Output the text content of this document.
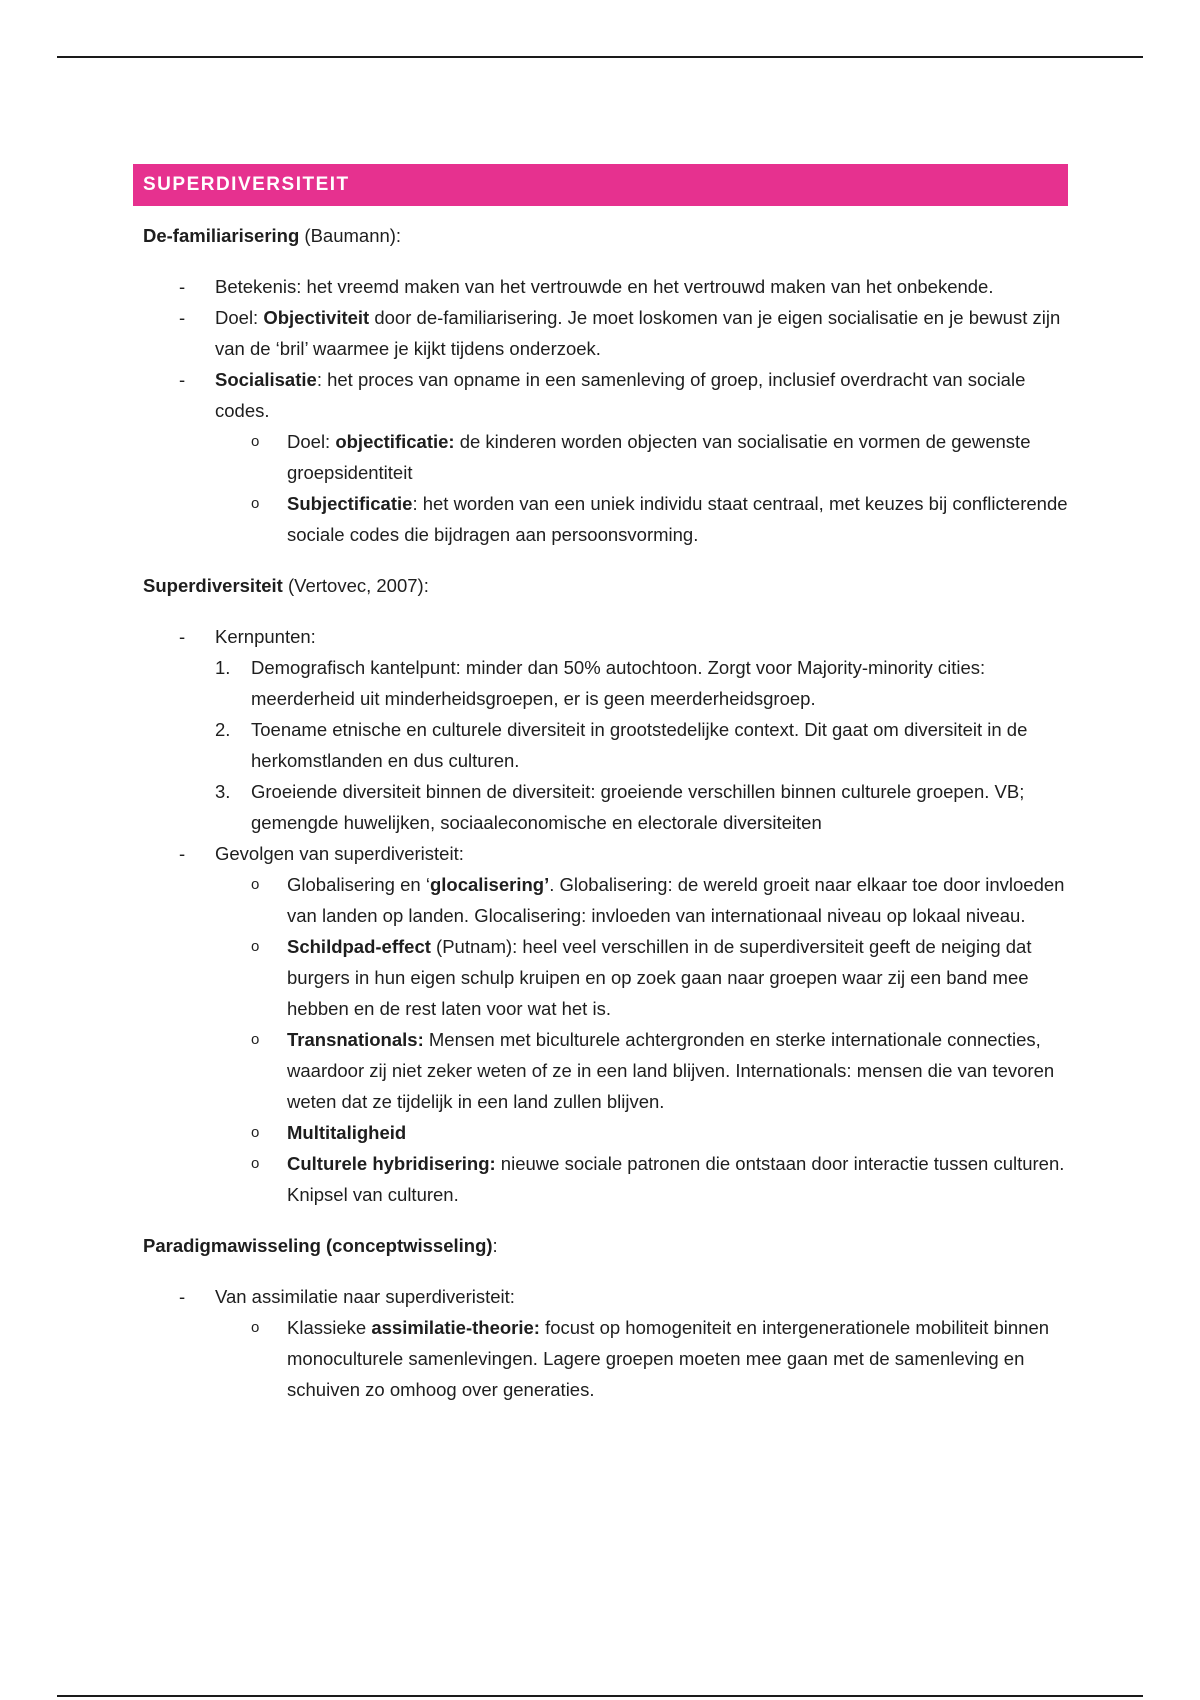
SUPERDIVERSITEIT

De-familiarisering (Baumann):

- Betekenis: het vreemd maken van het vertrouwde en het vertrouwd maken van het onbekende.
- Doel: Objectiviteit door de-familiarisering. Je moet loskomen van je eigen socialisatie en je bewust zijn van de ‘bril’ waarmee je kijkt tijdens onderzoek.
- Socialisatie: het proces van opname in een samenleving of groep, inclusief overdracht van sociale codes.
o Doel: objectificatie: de kinderen worden objecten van socialisatie en vormen de gewenste groepsidentiteit
o Subjectificatie: het worden van een uniek individu staat centraal, met keuzes bij conflicterende sociale codes die bijdragen aan persoonsvorming.

Superdiversiteit (Vertovec, 2007):

- Kernpunten:
1. Demografisch kantelpunt: minder dan 50% autochtoon. Zorgt voor Majority-minority cities: meerderheid uit minderheidsgroepen, er is geen meerderheidsgroep.
2. Toename etnische en culturele diversiteit in grootstedelijke context. Dit gaat om diversiteit in de herkomstlanden en dus culturen.
3. Groeiende diversiteit binnen de diversiteit: groeiende verschillen binnen culturele groepen. VB; gemengde huwelijken, sociaaleconomische en electorale diversiteiten
- Gevolgen van superdiveristeit:
o Globalisering en ‘glocalisering’. Globalisering: de wereld groeit naar elkaar toe door invloeden van landen op landen. Glocalisering: invloeden van internationaal niveau op lokaal niveau.
o Schildpad-effect (Putnam): heel veel verschillen in de superdiversiteit geeft de neiging dat burgers in hun eigen schulp kruipen en op zoek gaan naar groepen waar zij een band mee hebben en de rest laten voor wat het is.
o Transnationals: Mensen met biculturele achtergronden en sterke internationale connecties, waardoor zij niet zeker weten of ze in een land blijven. Internationals: mensen die van tevoren weten dat ze tijdelijk in een land zullen blijven.
o Multitaligheid
o Culturele hybridisering: nieuwe sociale patronen die ontstaan door interactie tussen culturen. Knipsel van culturen.

Paradigmawisseling (conceptwisseling):

- Van assimilatie naar superdiveristeit:
o Klassieke assimilatie-theorie: focust op homogeniteit en intergenerationele mobiliteit binnen monoculturele samenlevingen. Lagere groepen moeten mee gaan met de samenleving en schuiven zo omhoog over generaties.
